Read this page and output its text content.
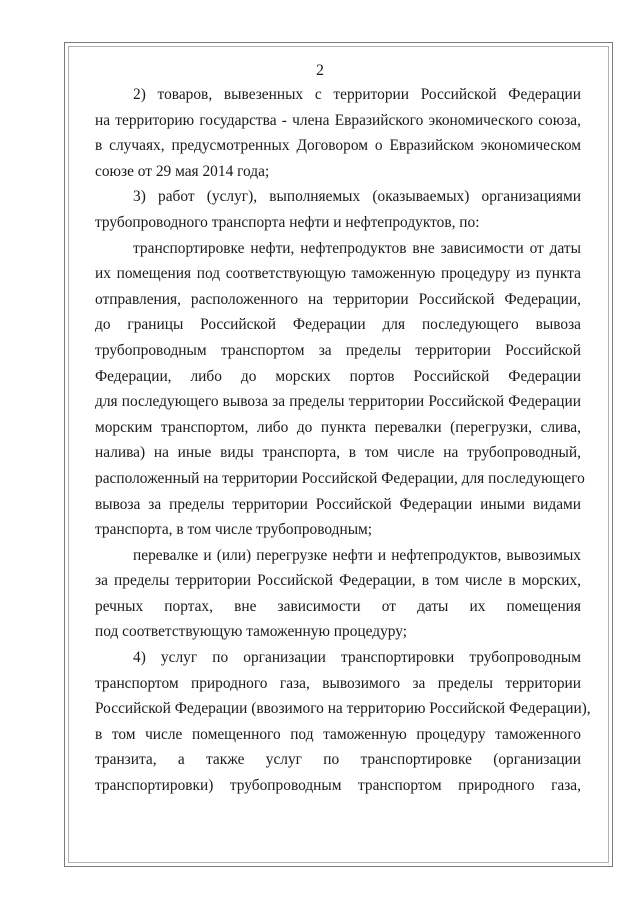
2
2) товаров, вывезенных с территории Российской Федерации
на территорию государства - члена Евразийского экономического союза,
в случаях, предусмотренных Договором о Евразийском экономическом
союзе от 29 мая 2014 года;
3) работ (услуг), выполняемых (оказываемых) организациями
трубопроводного транспорта нефти и нефтепродуктов, по:
транспортировке нефти, нефтепродуктов вне зависимости от даты
их помещения под соответствующую таможенную процедуру из пункта
отправления, расположенного на территории Российской Федерации,
до границы Российской Федерации для последующего вывоза
трубопроводным транспортом за пределы территории Российской
Федерации, либо до морских портов Российской Федерации
для последующего вывоза за пределы территории Российской Федерации
морским транспортом, либо до пункта перевалки (перегрузки, слива,
налива) на иные виды транспорта, в том числе на трубопроводный,
расположенный на территории Российской Федерации, для последующего
вывоза за пределы территории Российской Федерации иными видами
транспорта, в том числе трубопроводным;
перевалке и (или) перегрузке нефти и нефтепродуктов, вывозимых
за пределы территории Российской Федерации, в том числе в морских,
речных портах, вне зависимости от даты их помещения
под соответствующую таможенную процедуру;
4) услуг по организации транспортировки трубопроводным
транспортом природного газа, вывозимого за пределы территории
Российской Федерации (ввозимого на территорию Российской Федерации),
в том числе помещенного под таможенную процедуру таможенного
транзита, а также услуг по транспортировке (организации
транспортировки) трубопроводным транспортом природного газа,
